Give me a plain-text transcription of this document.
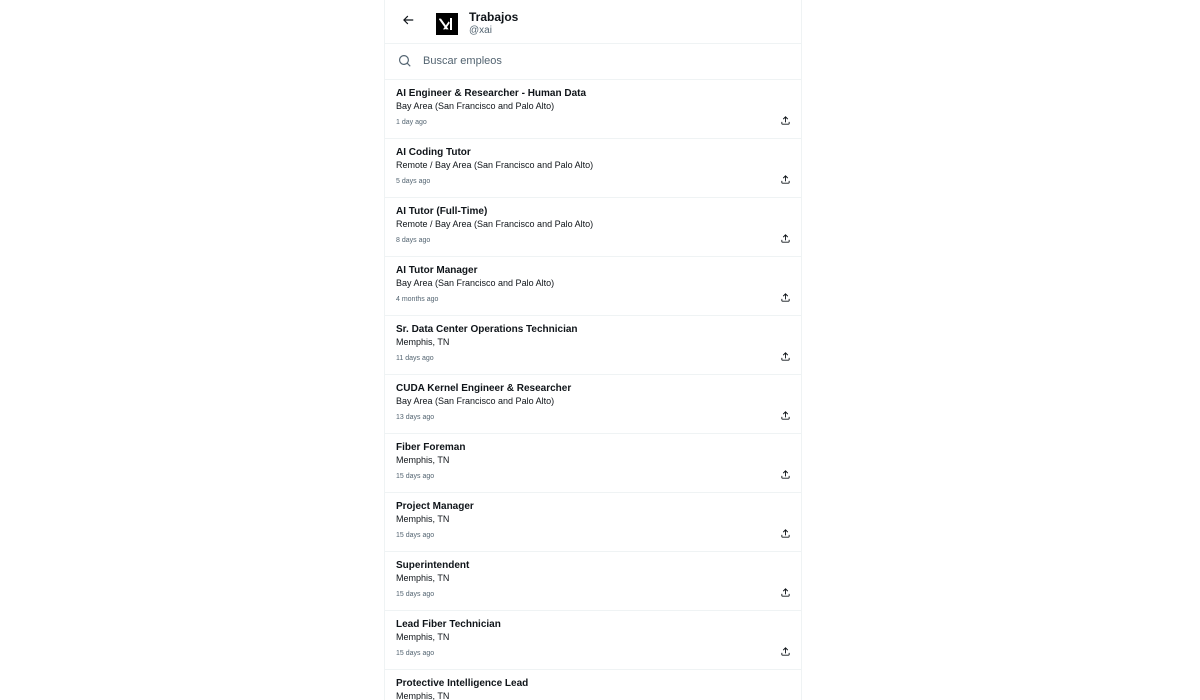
Trabajos
@xai
Buscar empleos
AI Engineer & Researcher - Human Data
Bay Area (San Francisco and Palo Alto)
1 day ago
AI Coding Tutor
Remote / Bay Area (San Francisco and Palo Alto)
5 days ago
AI Tutor (Full-Time)
Remote / Bay Area (San Francisco and Palo Alto)
8 days ago
AI Tutor Manager
Bay Area (San Francisco and Palo Alto)
4 months ago
Sr. Data Center Operations Technician
Memphis, TN
11 days ago
CUDA Kernel Engineer & Researcher
Bay Area (San Francisco and Palo Alto)
13 days ago
Fiber Foreman
Memphis, TN
15 days ago
Project Manager
Memphis, TN
15 days ago
Superintendent
Memphis, TN
15 days ago
Lead Fiber Technician
Memphis, TN
15 days ago
Protective Intelligence Lead
Memphis, TN
